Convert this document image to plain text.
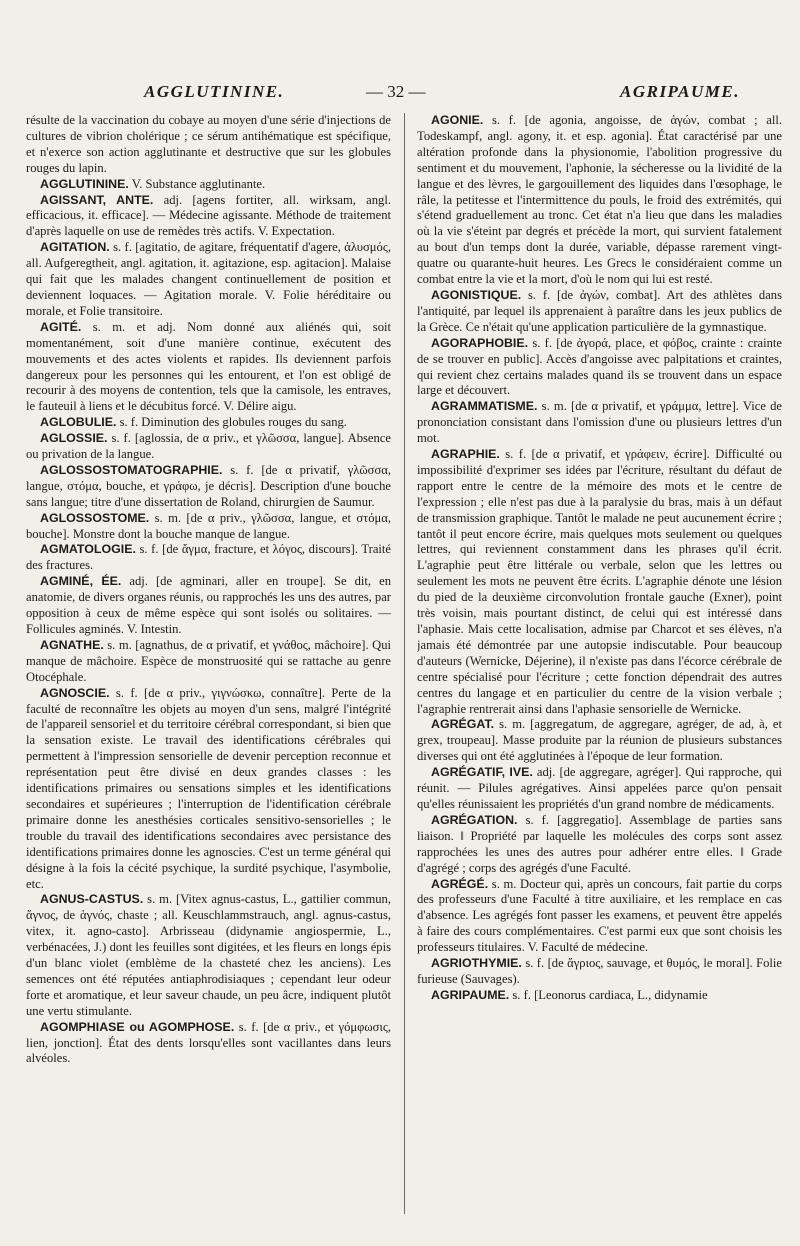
AGGLUTININE.	— 32 —	AGRIPAUME.

résulte de la vaccination du cobaye au moyen d'une série d'injections de cultures de vibrion cholérique ; ce sérum antihématique est spécifique, et n'exerce son action agglutinante et destructive que sur les globules rouges du lapin.

AGGLUTININE. V. Substance agglutinante.

AGISSANT, ANTE. adj. [agens fortiter, all. wirksam, angl. efficacious, it. efficace]. — Médecine agissante. Méthode de traitement d'après laquelle on use de remèdes très actifs. V. Expectation.

AGITATION. s. f. [agitatio, de agitare, fréquentatif d'agere, ἀλυσμός, all. Aufgeregtheit, angl. agitation, it. agitazione, esp. agitacion]. Malaise qui fait que les malades changent continuellement de position et deviennent loquaces. — Agitation morale. V. Folie héréditaire ou morale, et Folie transitoire.

AGITÉ. s. m. et adj. Nom donné aux aliénés qui, soit momentanément, soit d'une manière continue, exécutent des mouvements et des actes violents et rapides. Ils deviennent parfois dangereux pour les personnes qui les entourent, et l'on est obligé de recourir à des moyens de contention, tels que la camisole, les entraves, le fauteuil à liens et le décubitus forcé. V. Délire aigu.

AGLOBULIE. s. f. Diminution des globules rouges du sang.

AGLOSSIE. s. f. [aglossia, de α priv., et γλῶσσα, langue]. Absence ou privation de la langue.

AGLOSSOSTOMATOGRAPHIE. s. f. [de α privatif, γλῶσσα, langue, στόμα, bouche, et γράφω, je décris]. Description d'une bouche sans langue; titre d'une dissertation de Roland, chirurgien de Saumur.

AGLOSSOSTOME. s. m. [de α priv., γλῶσσα, langue, et στόμα, bouche]. Monstre dont la bouche manque de langue.

AGMATOLOGIE. s. f. [de ἄγμα, fracture, et λόγος, discours]. Traité des fractures.

AGMINÉ, ÉE. adj. [de agminari, aller en troupe]. Se dit, en anatomie, de divers organes réunis, ou rapprochés les uns des autres, par opposition à ceux de même espèce qui sont isolés ou solitaires. — Follicules agminés. V. Intestin.

AGNATHE. s. m. [agnathus, de α privatif, et γνάθος, mâchoire]. Qui manque de mâchoire. Espèce de monstruosité qui se rattache au genre Otocéphale.

AGNOSCIE. s. f. [de α priv., γιγνώσκω, connaître]. Perte de la faculté de reconnaître les objets au moyen d'un sens, malgré l'intégrité de l'appareil sensoriel et du territoire cérébral correspondant, si bien que la sensation existe. Le travail des identifications cérébrales qui permettent à l'impression sensorielle de devenir perception reconnue et représentation peut être divisé en deux grandes classes : les identifications primaires ou sensations simples et les identifications secondaires et supérieures ; l'interruption de l'identification cérébrale primaire donne les anesthésies corticales sensitivo-sensorielles ; le trouble du travail des identifications secondaires avec persistance des identifications primaires donne les agnoscies. C'est un terme général qui désigne à la fois la cécité psychique, la surdité psychique, l'asymbolie, etc.

AGNUS-CASTUS. s. m. [Vitex agnus-castus, L., gattilier commun, ἄγνος, de ἁγνός, chaste ; all. Keuschlammstrauch, angl. agnus-castus, vitex, it. agno-casto]. Arbrisseau (didynamie angiospermie, L., verbénacées, J.) dont les feuilles sont digitées, et les fleurs en longs épis d'un blanc violet (emblème de la chasteté chez les anciens). Les semences ont été réputées antiaphrodisiaques ; cependant leur odeur forte et aromatique, et leur saveur chaude, un peu âcre, indiquent plutôt une vertu stimulante.

AGOMPHIASE ou AGOMPHOSE. s. f. [de α priv., et γόμφωσις, lien, jonction]. État des dents lorsqu'elles sont vacillantes dans leurs alvéoles.

AGONIE. s. f. [de agonia, angoisse, de ἀγών, combat ; all. Todeskampf, angl. agony, it. et esp. agonia]. État caractérisé par une altération profonde dans la physionomie, l'abolition progressive du sentiment et du mouvement, l'aphonie, la sécheresse ou la lividité de la langue et des lèvres, le gargouillement des liquides dans l'œsophage, le râle, la petitesse et l'intermittence du pouls, le froid des extrémités, qui s'étend graduellement au tronc. Cet état n'a lieu que dans les maladies où la vie s'éteint par degrés et précède la mort, qui survient fatalement au bout d'un temps dont la durée, variable, dépasse rarement vingt-quatre ou quarante-huit heures. Les Grecs le considéraient comme un combat entre la vie et la mort, d'où le nom qui lui est resté.

AGONISTIQUE. s. f. [de ἀγών, combat]. Art des athlètes dans l'antiquité, par lequel ils apprenaient à paraître dans les jeux publics de la Grèce. Ce n'était qu'une application particulière de la gymnastique.

AGORAPHOBIE. s. f. [de ἀγορά, place, et φόβος, crainte : crainte de se trouver en public]. Accès d'angoisse avec palpitations et craintes, qui revient chez certains malades quand ils se trouvent dans un espace large et découvert.

AGRAMMATISME. s. m. [de α privatif, et γράμμα, lettre]. Vice de prononciation consistant dans l'omission d'une ou plusieurs lettres d'un mot.

AGRAPHIE. s. f. [de α privatif, et γράφειν, écrire]. Difficulté ou impossibilité d'exprimer ses idées par l'écriture, résultant du défaut de rapport entre le centre de la mémoire des mots et le centre de l'expression ; elle n'est pas due à la paralysie du bras, mais à un défaut de transmission graphique. Tantôt le malade ne peut aucunement écrire ; tantôt il peut encore écrire, mais quelques mots seulement ou quelques lettres, qui reviennent constamment dans les phrases qu'il écrit. L'agraphie peut être littérale ou verbale, selon que les lettres ou seulement les mots ne peuvent être écrits. L'agraphie dénote une lésion du pied de la deuxième circonvolution frontale gauche (Exner), point très voisin, mais pourtant distinct, de celui qui est intéressé dans l'aphasie. Mais cette localisation, admise par Charcot et ses élèves, n'a jamais été démontrée par une autopsie indiscutable. Pour beaucoup d'auteurs (Wernicke, Déjerine), il n'existe pas dans l'écorce cérébrale de centre spécialisé pour l'écriture ; cette fonction dépendrait des autres centres du langage et en particulier du centre de la vision verbale ; l'agraphie rentrerait ainsi dans l'aphasie sensorielle de Wernicke.

AGRÉGAT. s. m. [aggregatum, de aggregare, agréger, de ad, à, et grex, troupeau]. Masse produite par la réunion de plusieurs substances diverses qui ont été agglutinées à l'époque de leur formation.

AGRÉGATIF, IVE. adj. [de aggregare, agréger]. Qui rapproche, qui réunit. — Pilules agrégatives. Ainsi appelées parce qu'on pensait qu'elles réunissaient les propriétés d'un grand nombre de médicaments.

AGRÉGATION. s. f. [aggregatio]. Assemblage de parties sans liaison. ‖ Propriété par laquelle les molécules des corps sont assez rapprochées les unes des autres pour adhérer entre elles. ‖ Grade d'agrégé ; corps des agrégés d'une Faculté.

AGRÉGÉ. s. m. Docteur qui, après un concours, fait partie du corps des professeurs d'une Faculté à titre auxiliaire, et les remplace en cas d'absence. Les agrégés font passer les examens, et peuvent être appelés à faire des cours complémentaires. C'est parmi eux que sont choisis les professeurs titulaires. V. Faculté de médecine.

AGRIOTHYMIE. s. f. [de ἄγριος, sauvage, et θυμός, le moral]. Folie furieuse (Sauvages).

AGRIPAUME. s. f. [Leonorus cardiaca, L., didynamie
